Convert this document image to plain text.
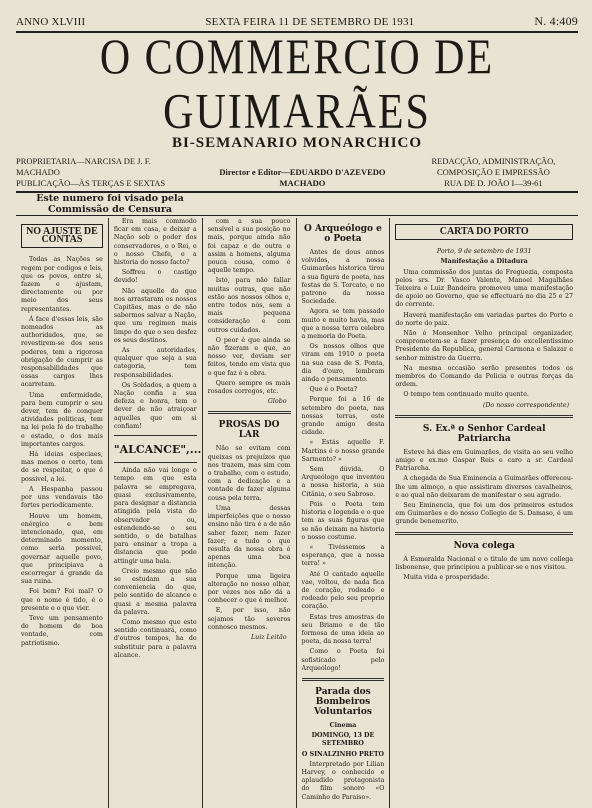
ANNO XLVIII	SEXTA FEIRA 11 DE SETEMBRO DE 1931	N. 4:409
O COMMERCIO DE GUIMARÃES
BI-SEMANARIO MONARCHICO
PROPRIETARIA—NARCISA DE J. F. MACHADO
PUBLICAÇÃO—ÀS TERÇAS E SEXTAS
Director e Editor—EDUARDO D'AZEVEDO MACHADO
REDACÇÃO, ADMINISTRAÇÃO, COMPOSIÇÃO E IMPRESSÃO
RUA DE D. JOÃO I—39-61
Este numero foi visado pela Commissão de Censura
NO AJUSTE DE CONTAS

Todas as Nações se regem por codigos e leis, que os povos, entre si, fazem e ajustam, directamente ou por meio dos seus representantes.

Á face d'essas leis, são nomeados as authoridades, que, se revestirem-se dos seus poderes, tem a rigorosa obrigação de cumprir as responsabilidades que essas cargos lhes acarretam.

Uma enfermidade, para bem cumprir o seu dever, tem de conquer atividades politicas, tem na lei pela fé do trabalho e estado, o dos mais importantes cargos.

Há ideias especiaes, mas menos o certo, tem de se respeitar, o que é possivel, a lei.

A Hespanha passou por uns vendavais tão fortes periodicamente.

Houve um homem, enérgico e bem intencionado, que, em determinado momento, como seria possivel, governar aquelle povo, que principiava a escorregar á grande da sua ruina.

Foi bem? Foi mal? O que o nome é tido, é o presente e o que vier.

Teve um pensamento de homem de boa vontade, com patriotismo.

Era mais commodo ficar em casa, e deixar a Nação sob o poder dos conservadores, e o Rei, e o nosso Chefe, e a historia do nosso facto?

Soffreu o castigo devido!

Não aquelle do que nos arrastaram os nossos Capitães, mas o de não sabermos salvar a Nação, que um regimen mais limpo do que o seu desfez os seus destinos.

As autoridades, qualquer que seja a sua categoria, tem responsabilidades.

Os Soldados, a quem a Nação confia a sua defeza e honra, tem o dever de não atraiçoar aquelles que em si confiam!

"ALCANCE",...

Ainda não vai longe o tempo em que esta palavra se empregava, quasi exclusivamente, para designar a distancia atingida pela vista do observador ou, estendendo-se o seu sentido, o de batalhas para ensinar a tropa a distancia que pode attingir uma bala.

Creio mesmo que não se estudam a sua conveniencia do que, pelo sentido de alcance e quasi a mesma palavra da palavra.

Como mesmo que este sentido continuará, como d'outros tempos, ha de substituir para a palavra alcance.

com a sua pouco sensível a sua posição no mais, porque ainda não foi capaz e de outra e assim a homens, alguma pouca cousa, como é aquelle tempo.

Isto, para não fallar muitas outras, que não estão aos nossos olhos e, entre todos nós, sem a mais pequena consideração e com outros cuidados.

O peor é que ainda se não fizeram e que, ao nosso ver, deviam ser feitos, tendo em vista que o que faz é a obra.

Quero sempre os mais rosados corregos, etc.

Globo
PROSAS DO LAR

Não se evitam com queixas os prejuízos que nos trazem, mas sim com o trabalho, com o estudo, com a dedicação e a vontade de fazer alguma cousa pela terra.

Uma dessas imperfeições que o nosso ensino não tira é a de não saber fazer, nem fazer fazer; e tudo o que resulta da nossa obra é apenas uma boa intenção.

Porque uma ligeira alteração no nosso olhar, por vezes nos não dá a conhecer o que é melhor.

E, por isso, não sejamos tão severos connosco mesmos.

Luiz Leitão
O Arqueólogo e o Poeta

Antes de dous annos volvidos, a nossa Guimarães historica tirou a sua figura de poeta, nas festas de S. Torcato, e no patrono da nossa Sociedade.

Agora se tem passado muito e muito havia, mas que a nossa terra celebra a memoria do Poeta.

Os nossos olhos que viram em 1910 o poeta na sua casa de S. Ponta, dia d'ouro, lembram ainda o pensamento.

Que é o Poeta?

Porque foi a 16 de setembro do poeta, nas nossas terras, este grande amigo desta cidade.

« Estás aquelle F. Martins é o nosso grande Sarmento? »

Sem dúvida. O Arqueólogo que inventou a nossa historia, a sua Citânia, o seu Sabroso.

Pois o Poeta tem historia e legenda e o que tem as suas figuras que se não deixam na historia o nosso costume.

« Tivéssemos a esperança, que a nossa terra! »

Até O cantado aquelle vae, voltou, de nada fica de coração, rodeado e rodeado pelo seu proprio coração.

Estas tres amostras do seu Briamo e de tão formosa de uma ideia ao poeta, da nossa terra!

Como o Poeta foi sofisticado pelo Arqueólogo!

Parada dos Bombeiros Voluntarios
Cinema
DOMINGO, 13 DE SETEMBRO
O SINALZINHO PRETO

Interpretado por Lilian Harvey, o conhecido e aplaudido protagonista do film sonoro «O Caminho do Paraiso».

CARTA DO PORTO
Porto, 9 de setembro de 1931
Manifestação a Ditadura

Uma commissão dos juntas de Freguezia, composta pelos srs. Dr. Vasco Valente, Manoel Magalhães Teixeira e Luiz Bandeira promoveu uma manifestação de apoio ao Governo, que se effectuará no dia 25 e 27 do corrente.

Haverá manifestação em variadas partes do Porto e do norte do paiz.

Não é Monsenhor Velho principal organizador, comprometem-se a fazer presença do excellentissimo Presidente da Republica, general Carmona e Salazar e senhor ministro da Guerra.

Na mesma occasião serão presentes todos os membros do Comando da Policia e outras forças da ordem.

O tempo tem continuado muito quente.

(Do nosso correspondente)
S. Ex.ª o Senhor Cardeal Patriarcha

Esteve há dias em Guimarães, de visita ao seu velho amigo e ex.mo Gaspar Reis e caro a sr. Cardeal Patriarcha.

A chegada de Sua Eminencia a Guimarães offereceu-lhe um almoço, a que assistiram diversos cavalheiros, e ao qual não deixaram de manifestar o seu agrado.

Seu Eminencia, que foi um dos primeiros estudos em Guimarães e do nosso Collegio de S. Damaso, é um grande benemerito.

Nova colega

A Esmeralda Nacional e o titulo de um novo collega lisbonense, que principiou a publicar-se e nos visitou.

Muita vida e prosperidade.
